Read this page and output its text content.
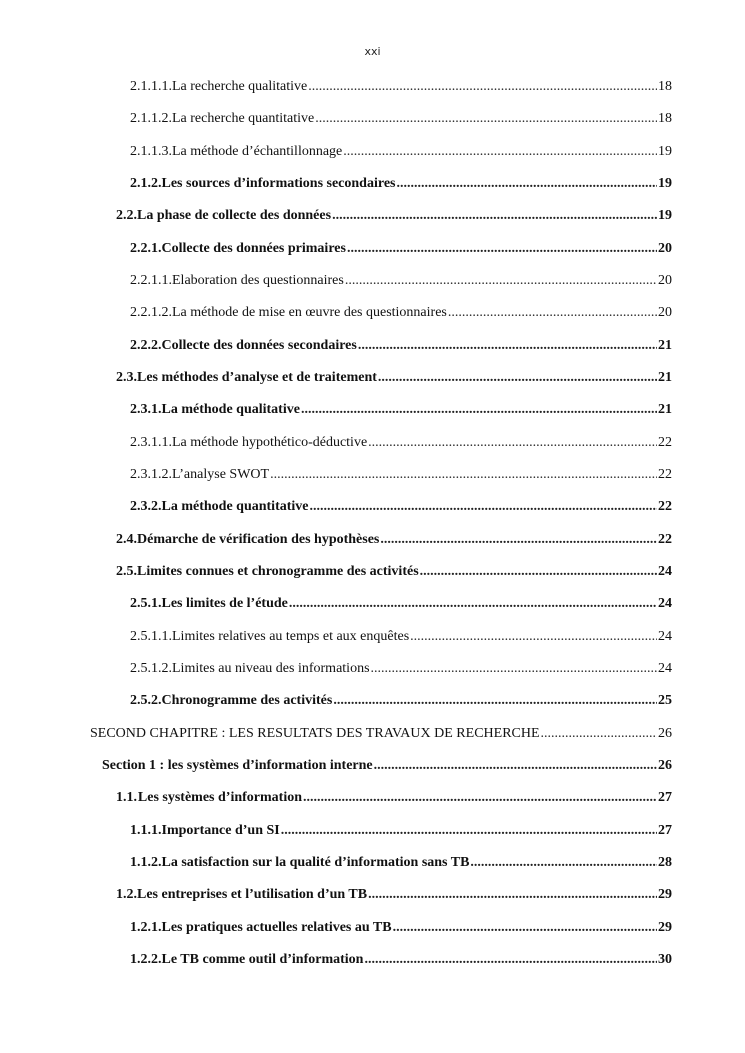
xxi
2.1.1.1. La recherche qualitative .....	18
2.1.1.2. La recherche quantitative .....	18
2.1.1.3. La méthode d’échantillonnage .....	19
2.1.2. Les sources d’informations secondaires .....	19
2.2. La phase de collecte des données .....	19
2.2.1. Collecte des données primaires .....	20
2.2.1.1. Elaboration des questionnaires .....	20
2.2.1.2. La méthode de mise en œuvre des questionnaires .....	20
2.2.2. Collecte des données secondaires .....	21
2.3. Les méthodes d’analyse et de traitement .....	21
2.3.1. La méthode qualitative .....	21
2.3.1.1. La méthode hypothético-déductive .....	22
2.3.1.2. L’analyse SWOT .....	22
2.3.2. La méthode quantitative .....	22
2.4. Démarche de vérification des hypothèses .....	22
2.5. Limites connues et chronogramme des activités .....	24
2.5.1. Les limites de l’étude .....	24
2.5.1.1. Limites relatives au temps et aux enquêtes .....	24
2.5.1.2. Limites au niveau des informations .....	24
2.5.2. Chronogramme des activités .....	25
SECOND CHAPITRE : LES RESULTATS DES TRAVAUX DE RECHERCHE .....	26
Section 1 : les systèmes d’information interne .....	26
1.1. Les systèmes d’information .....	27
1.1.1. Importance d’un SI .....	27
1.1.2. La satisfaction sur la qualité d’information sans TB .....	28
1.2. Les entreprises et l’utilisation d’un TB .....	29
1.2.1. Les pratiques actuelles relatives au TB .....	29
1.2.2. Le TB comme outil d’information .....	30
